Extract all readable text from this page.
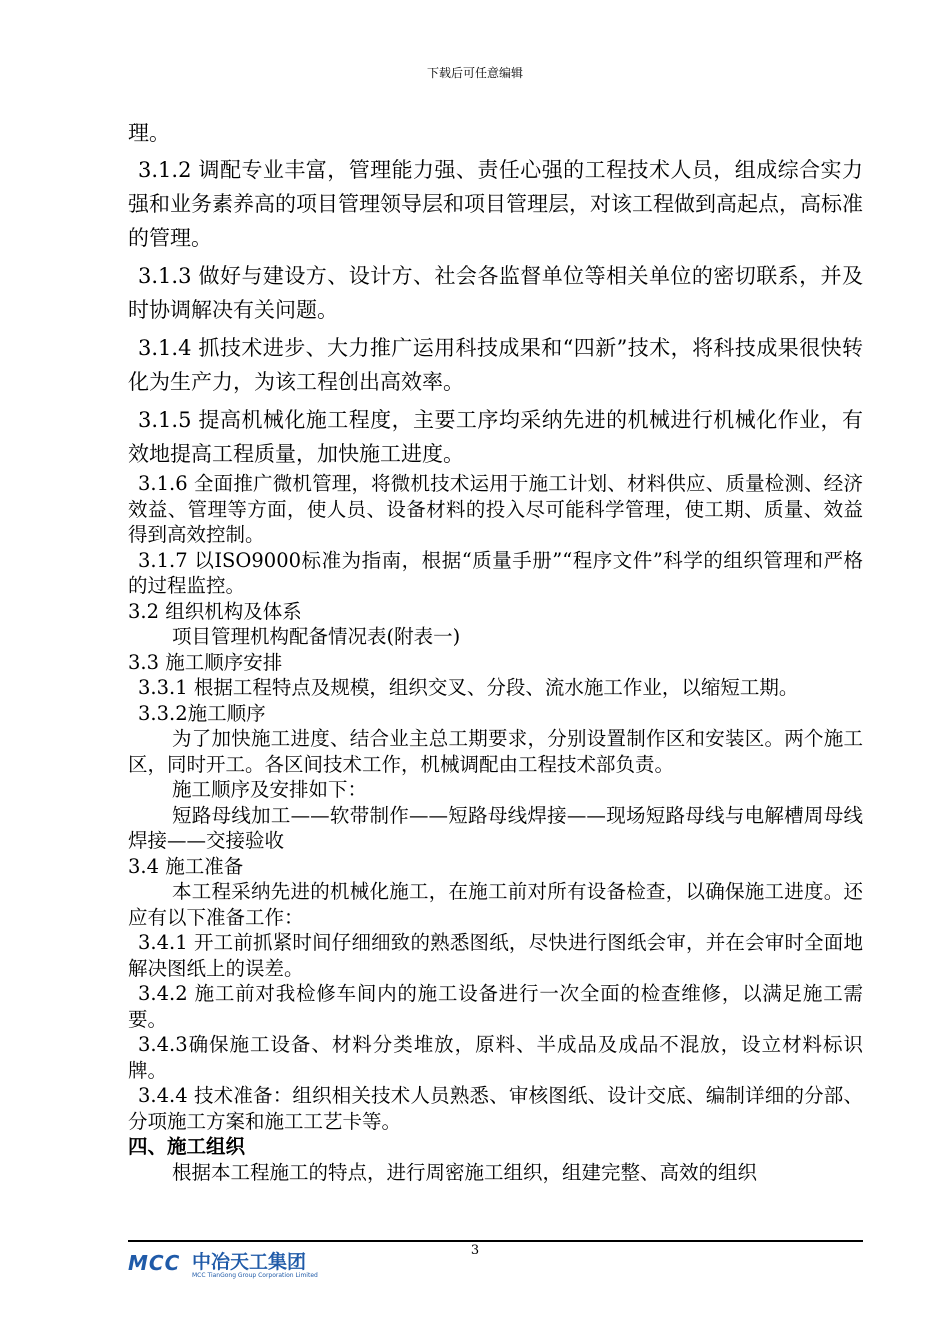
下载后可任意编辑

理。

3.1.2 调配专业丰富，管理能力强、责任心强的工程技术人员，组成综合实力强和业务素养高的项目管理领导层和项目管理层，对该工程做到高起点，高标准的管理。

3.1.3 做好与建设方、设计方、社会各监督单位等相关单位的密切联系，并及时协调解决有关问题。

3.1.4 抓技术进步、大力推广运用科技成果和“四新”技术，将科技成果很快转化为生产力，为该工程创出高效率。

3.1.5 提高机械化施工程度，主要工序均采纳先进的机械进行机械化作业，有效地提高工程质量，加快施工进度。

3.1.6 全面推广微机管理，将微机技术运用于施工计划、材料供应、质量检测、经济效益、管理等方面，使人员、设备材料的投入尽可能科学管理，使工期、质量、效益得到高效控制。

3.1.7 以ISO9000标准为指南，根据“质量手册”“程序文件”科学的组织管理和严格的过程监控。

3.2 组织机构及体系

项目管理机构配备情况表(附表一)

3.3 施工顺序安排

3.3.1 根据工程特点及规模，组织交叉、分段、流水施工作业，以缩短工期。

3.3.2施工顺序

为了加快施工进度、结合业主总工期要求，分别设置制作区和安装区。两个施工区，同时开工。各区间技术工作，机械调配由工程技术部负责。

施工顺序及安排如下：

短路母线加工——软带制作——短路母线焊接——现场短路母线与电解槽周母线焊接——交接验收

3.4 施工准备

本工程采纳先进的机械化施工，在施工前对所有设备检查，以确保施工进度。还应有以下准备工作：

3.4.1 开工前抓紧时间仔细细致的熟悉图纸，尽快进行图纸会审，并在会审时全面地解决图纸上的误差。

3.4.2 施工前对我检修车间内的施工设备进行一次全面的检查维修，以满足施工需要。

3.4.3确保施工设备、材料分类堆放，原料、半成品及成品不混放，设立材料标识牌。

3.4.4 技术准备：组织相关技术人员熟悉、审核图纸、设计交底、编制详细的分部、分项施工方案和施工工艺卡等。

四、施工组织

根据本工程施工的特点，进行周密施工组织，组建完整、高效的组织

3
MCC 中冶天工集团
MCC TianGong Group Corporation Limited
